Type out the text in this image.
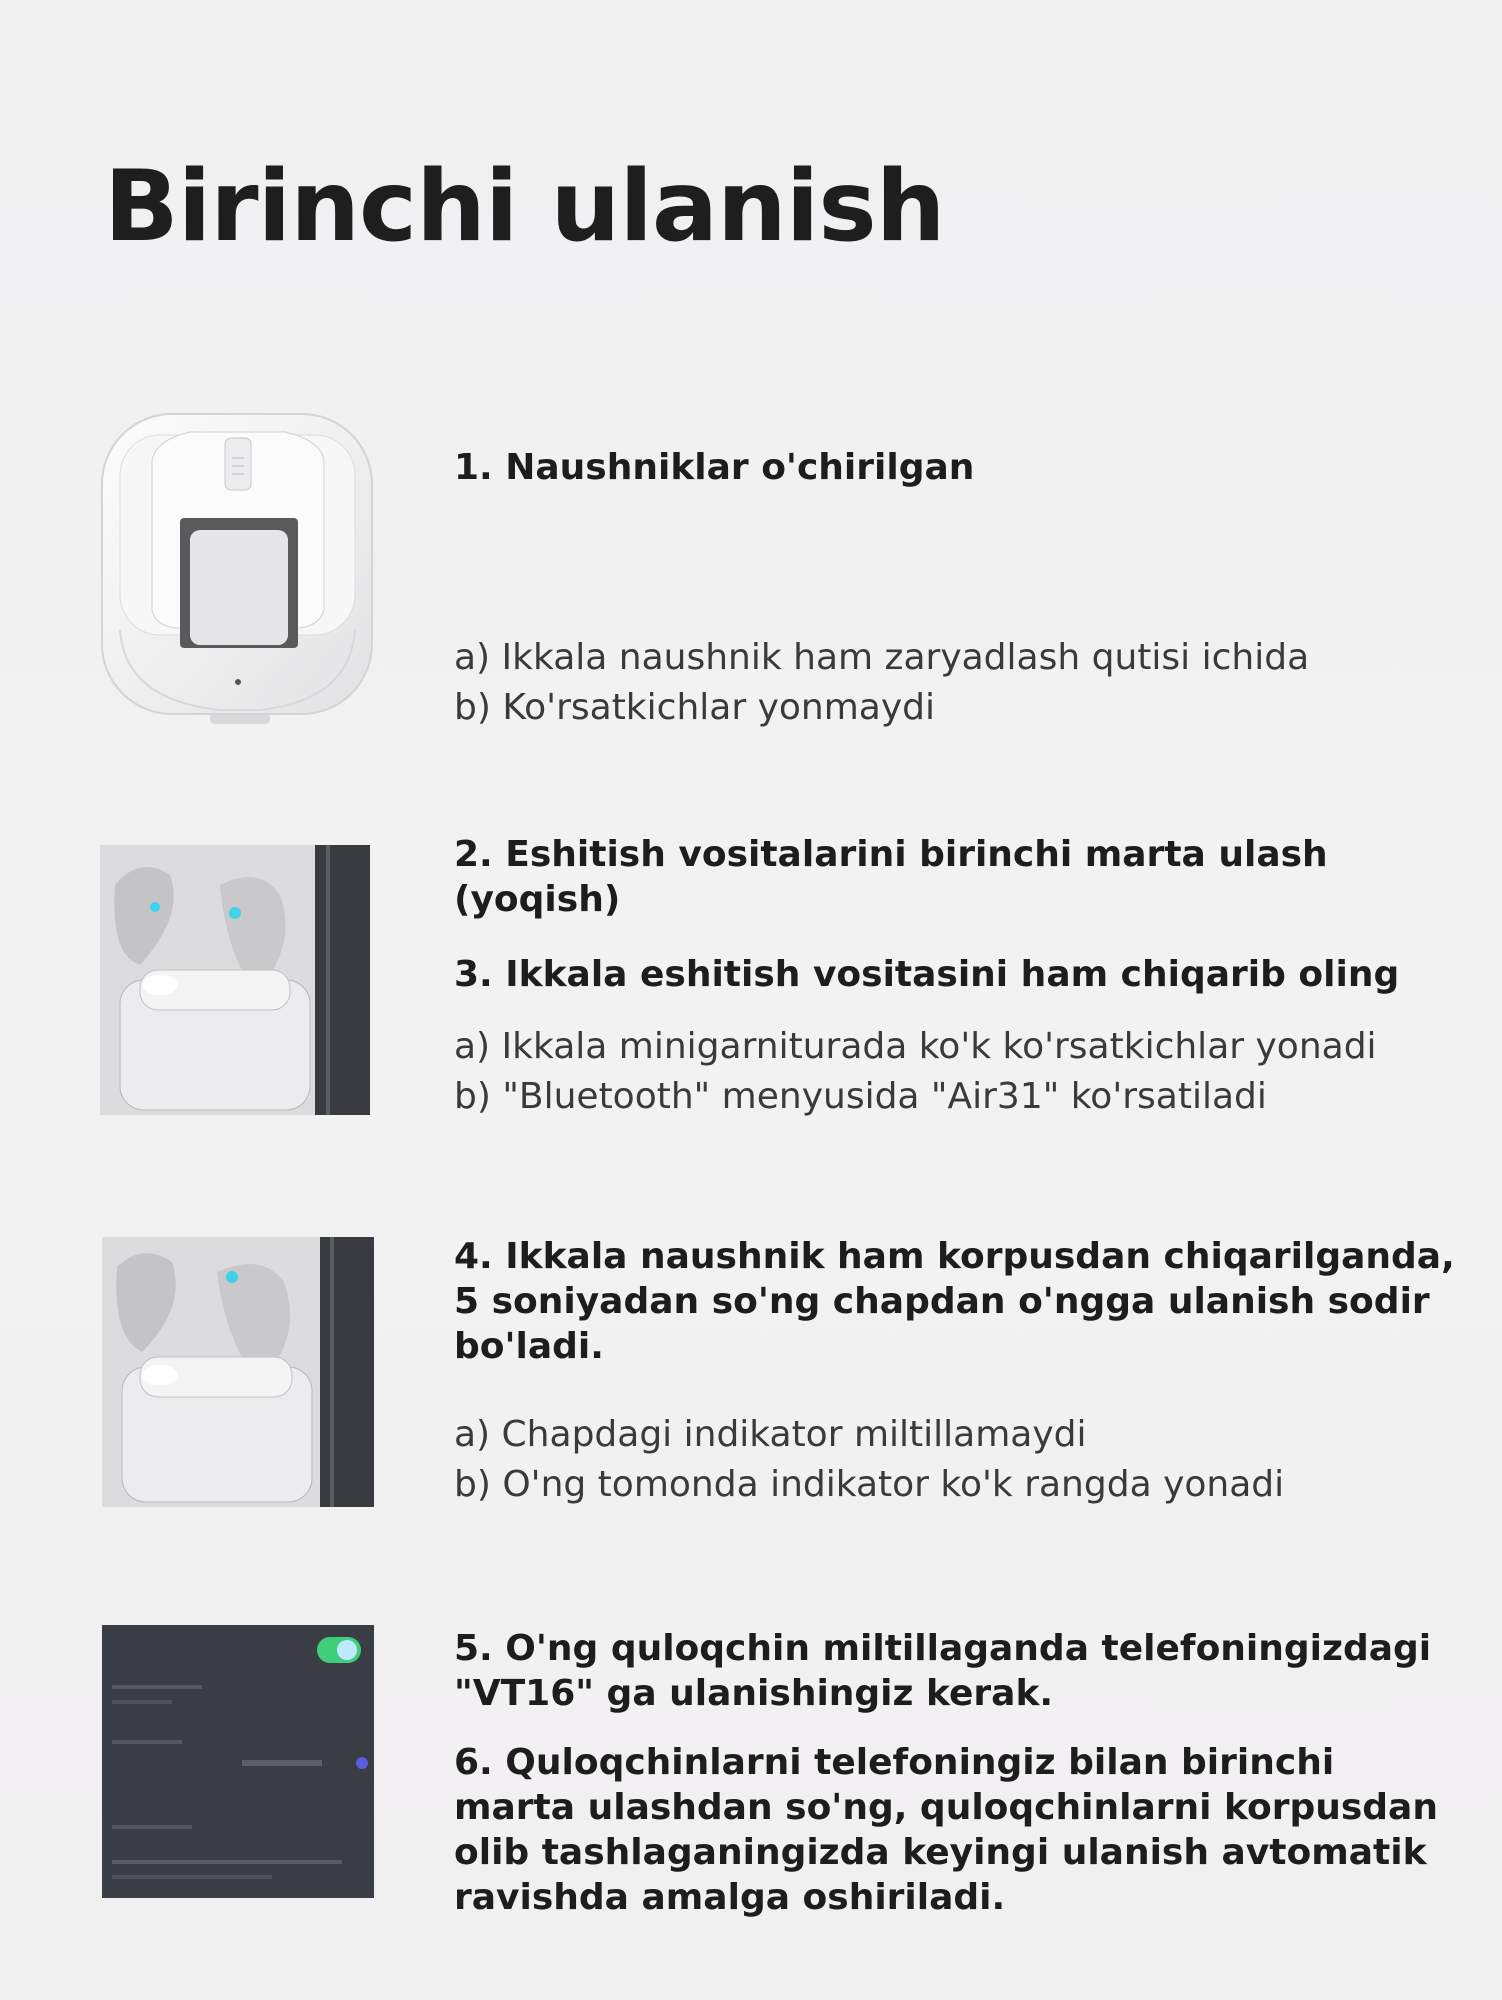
Birinchi ulanish

1. Naushniklar o'chirilgan

a) Ikkala naushnik ham zaryadlash qutisi ichida

b) Ko'rsatkichlar yonmaydi

2. Eshitish vositalarini birinchi marta ulash (yoqish)

3. Ikkala eshitish vositasini ham chiqarib oling

a) Ikkala minigarniturada ko'k ko'rsatkichlar yonadi

b) "Bluetooth" menyusida "Air31" ko'rsatiladi

4. Ikkala naushnik ham korpusdan chiqarilganda,

5 soniyadan so'ng chapdan o'ngga ulanish sodir

bo'ladi.

a) Chapdagi indikator miltillamaydi

b) O'ng tomonda indikator ko'k rangda yonadi

5. O'ng quloqchin miltillaganda telefoningizdagi

"VT16" ga ulanishingiz kerak.

6. Quloqchinlarni telefoningiz bilan birinchi

marta ulashdan so'ng, quloqchinlarni korpusdan

olib tashlaganingizda keyingi ulanish avtomatik

ravishda amalga oshiriladi.
